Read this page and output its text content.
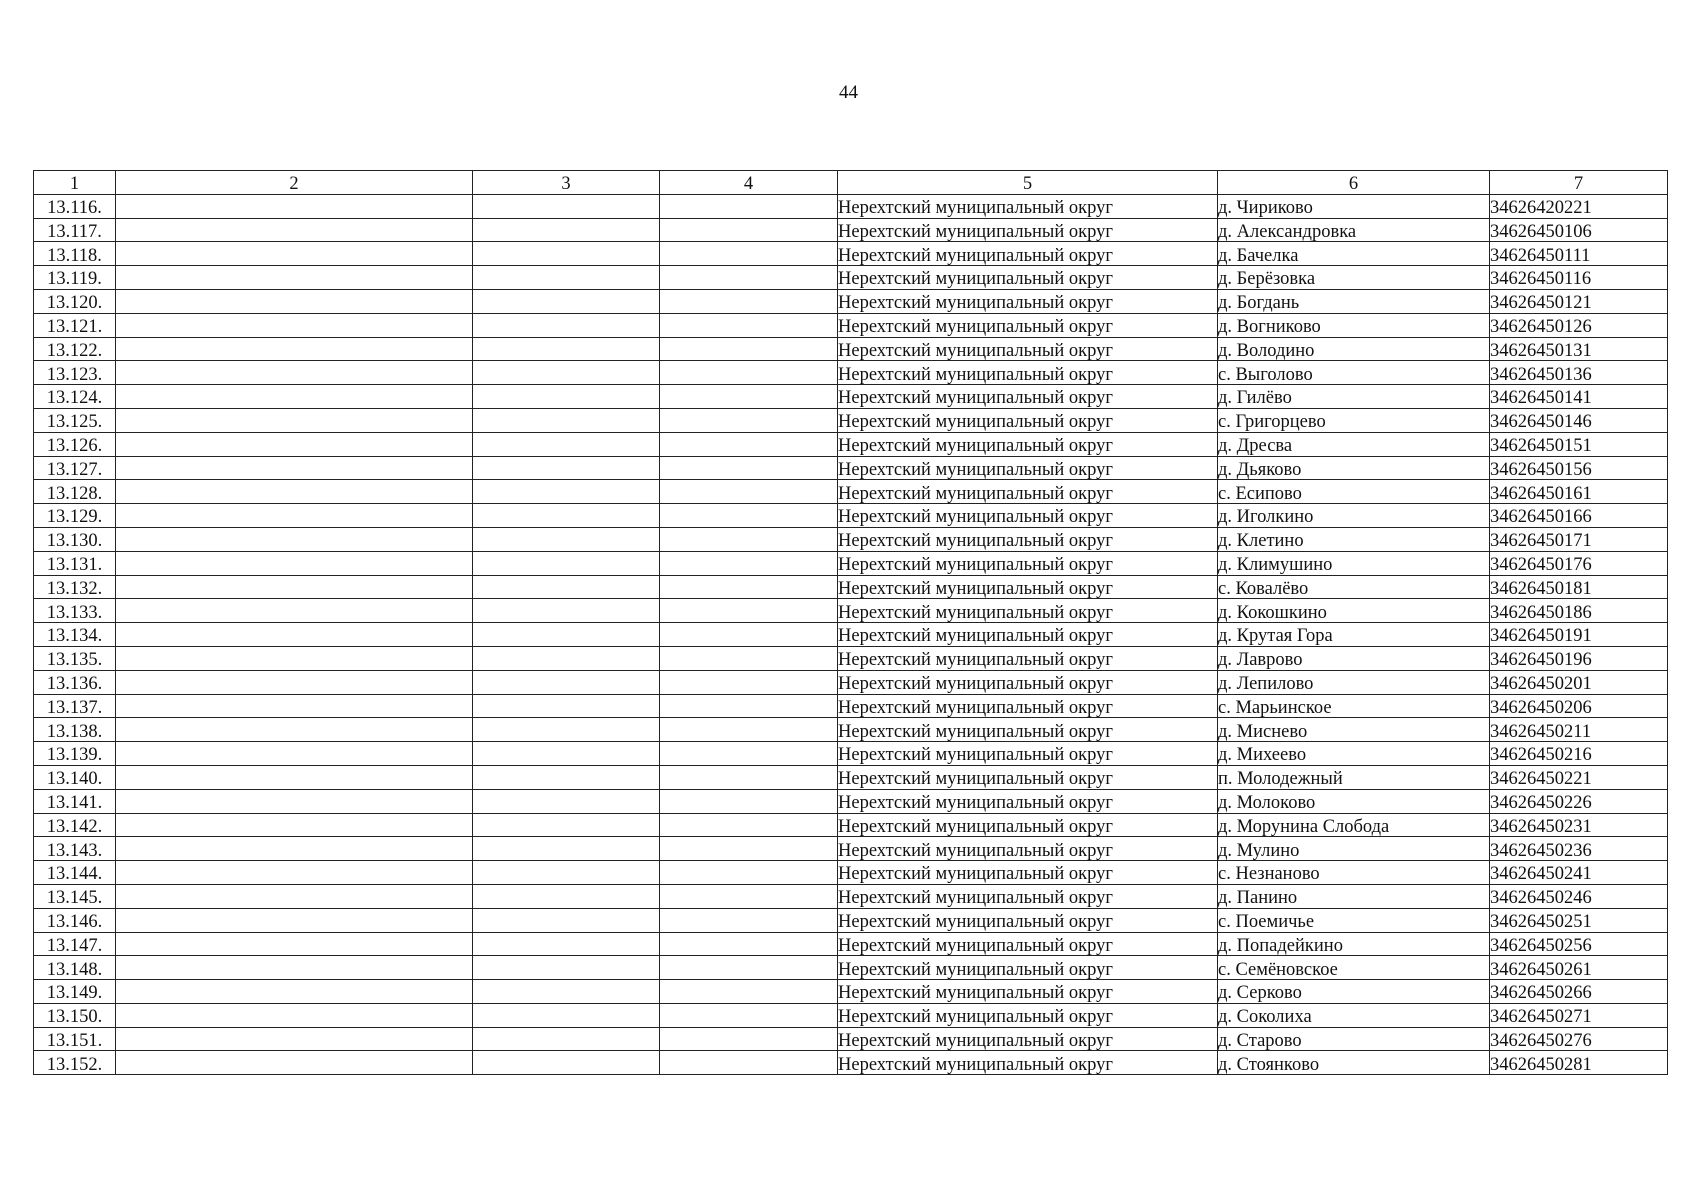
44
1	2	3	4	5	6	7
13.116.				Нерехтский муниципальный округ	д. Чириково	34626420221
13.117.				Нерехтский муниципальный округ	д. Александровка	34626450106
13.118.				Нерехтский муниципальный округ	д. Бачелка	34626450111
13.119.				Нерехтский муниципальный округ	д. Берёзовка	34626450116
13.120.				Нерехтский муниципальный округ	д. Богдань	34626450121
13.121.				Нерехтский муниципальный округ	д. Вогниково	34626450126
13.122.				Нерехтский муниципальный округ	д. Володино	34626450131
13.123.				Нерехтский муниципальный округ	с. Выголово	34626450136
13.124.				Нерехтский муниципальный округ	д. Гилёво	34626450141
13.125.				Нерехтский муниципальный округ	с. Григорцево	34626450146
13.126.				Нерехтский муниципальный округ	д. Дресва	34626450151
13.127.				Нерехтский муниципальный округ	д. Дьяково	34626450156
13.128.				Нерехтский муниципальный округ	с. Есипово	34626450161
13.129.				Нерехтский муниципальный округ	д. Иголкино	34626450166
13.130.				Нерехтский муниципальный округ	д. Клетино	34626450171
13.131.				Нерехтский муниципальный округ	д. Климушино	34626450176
13.132.				Нерехтский муниципальный округ	с. Ковалёво	34626450181
13.133.				Нерехтский муниципальный округ	д. Кокошкино	34626450186
13.134.				Нерехтский муниципальный округ	д. Крутая Гора	34626450191
13.135.				Нерехтский муниципальный округ	д. Лаврово	34626450196
13.136.				Нерехтский муниципальный округ	д. Лепилово	34626450201
13.137.				Нерехтский муниципальный округ	с. Марьинское	34626450206
13.138.				Нерехтский муниципальный округ	д. Миснево	34626450211
13.139.				Нерехтский муниципальный округ	д. Михеево	34626450216
13.140.				Нерехтский муниципальный округ	п. Молодежный	34626450221
13.141.				Нерехтский муниципальный округ	д. Молоково	34626450226
13.142.				Нерехтский муниципальный округ	д. Морунина Слобода	34626450231
13.143.				Нерехтский муниципальный округ	д. Мулино	34626450236
13.144.				Нерехтский муниципальный округ	с. Незнаново	34626450241
13.145.				Нерехтский муниципальный округ	д. Панино	34626450246
13.146.				Нерехтский муниципальный округ	с. Поемичье	34626450251
13.147.				Нерехтский муниципальный округ	д. Попадейкино	34626450256
13.148.				Нерехтский муниципальный округ	с. Семёновское	34626450261
13.149.				Нерехтский муниципальный округ	д. Серково	34626450266
13.150.				Нерехтский муниципальный округ	д. Соколиха	34626450271
13.151.				Нерехтский муниципальный округ	д. Старово	34626450276
13.152.				Нерехтский муниципальный округ	д. Стоянково	34626450281
